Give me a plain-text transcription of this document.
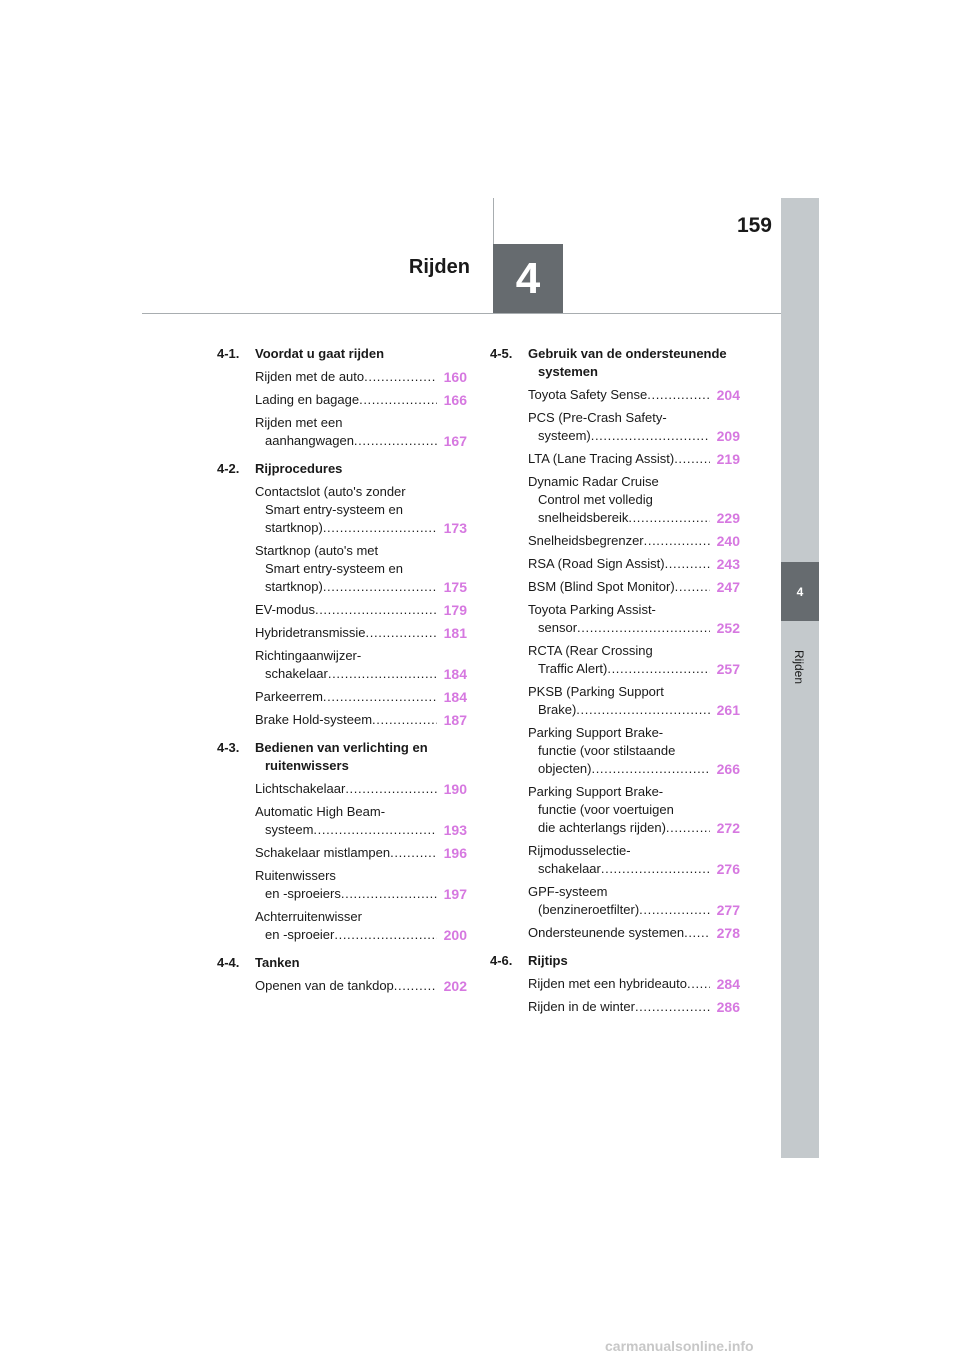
159
Rijden 4
4
Rijden
4-1.	Voordat u gaat rijden
Rijden met de auto . . .	160
Lading en bagage . . .	166
Rijden met een
aanhangwagen . . .	167
4-2.	Rijprocedures
Contactslot (auto's zonder
Smart entry-systeem en
startknop) . . .	173
Startknop (auto's met
Smart entry-systeem en
startknop) . . .	175
EV-modus . . .	179
Hybridetransmissie . . .	181
Richtingaanwijzer-
schakelaar . . .	184
Parkeerrem . . .	184
Brake Hold-systeem . . .	187
4-3.	Bedienen van verlichting en ruitenwissers
Lichtschakelaar . . .	190
Automatic High Beam-
systeem . . .	193
Schakelaar mistlampen . . .	196
Ruitenwissers
en -sproeiers . . .	197
Achterruitenwisser
en -sproeier . . .	200
4-4.	Tanken
Openen van de tankdop . . .	202
4-5.	Gebruik van de ondersteunende systemen
Toyota Safety Sense . . .	204
PCS (Pre-Crash Safety-
systeem) . . .	209
LTA (Lane Tracing Assist) . . .	219
Dynamic Radar Cruise
Control met volledig
snelheidsbereik . . .	229
Snelheidsbegrenzer . . .	240
RSA (Road Sign Assist) . . .	243
BSM (Blind Spot Monitor) . . .	247
Toyota Parking Assist-
sensor . . .	252
RCTA (Rear Crossing
Traffic Alert) . . .	257
PKSB (Parking Support
Brake) . . .	261
Parking Support Brake-
functie (voor stilstaande
objecten) . . .	266
Parking Support Brake-
functie (voor voertuigen
die achterlangs rijden) . . .	272
Rijmodusselectie-
schakelaar . . .	276
GPF-systeem
(benzineroetfilter) . . .	277
Ondersteunende systemen . . .	278
4-6.	Rijtips
Rijden met een hybrideauto . . .	284
Rijden in de winter . . .	286
carmanualsonline.info
